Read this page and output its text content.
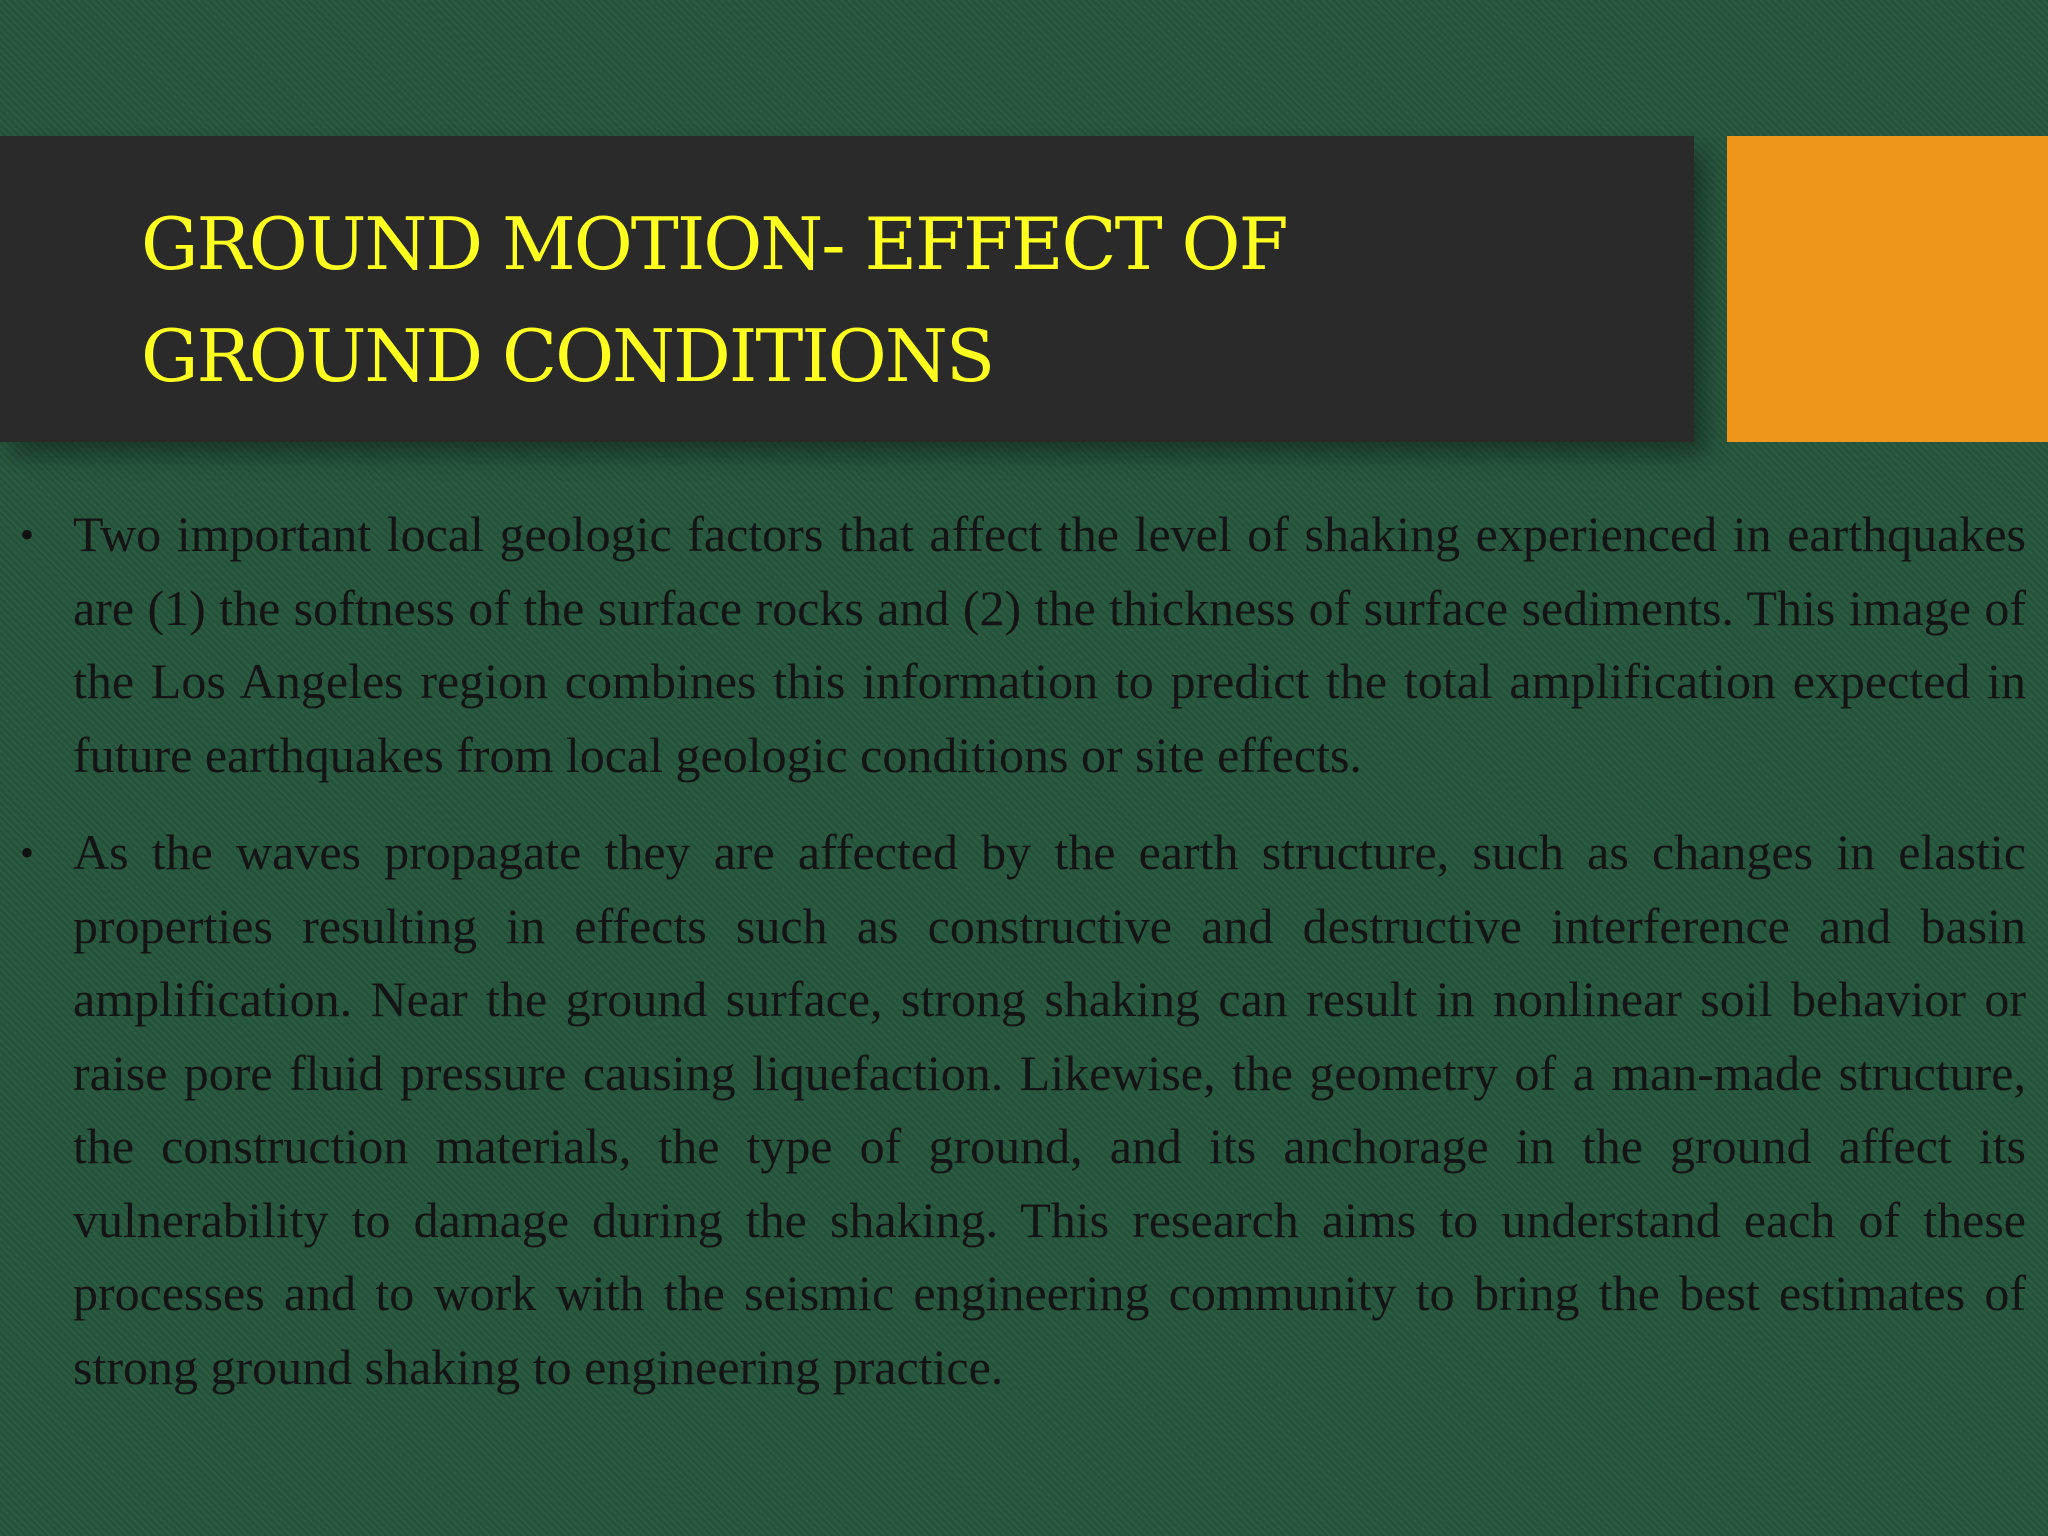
GROUND MOTION- EFFECT OF GROUND CONDITIONS
• Two important local geologic factors that affect the level of shaking experienced in earthquakes are (1) the softness of the surface rocks and (2) the thickness of surface sediments. This image of the Los Angeles region combines this information to predict the total amplification expected in future earthquakes from local geologic conditions or site effects.

• As the waves propagate they are affected by the earth structure, such as changes in elastic properties resulting in effects such as constructive and destructive interference and basin amplification. Near the ground surface, strong shaking can result in nonlinear soil behavior or raise pore fluid pressure causing liquefaction. Likewise, the geometry of a man-made structure, the construction materials, the type of ground, and its anchorage in the ground affect its vulnerability to damage during the shaking. This research aims to understand each of these processes and to work with the seismic engineering community to bring the best estimates of strong ground shaking to engineering practice.
